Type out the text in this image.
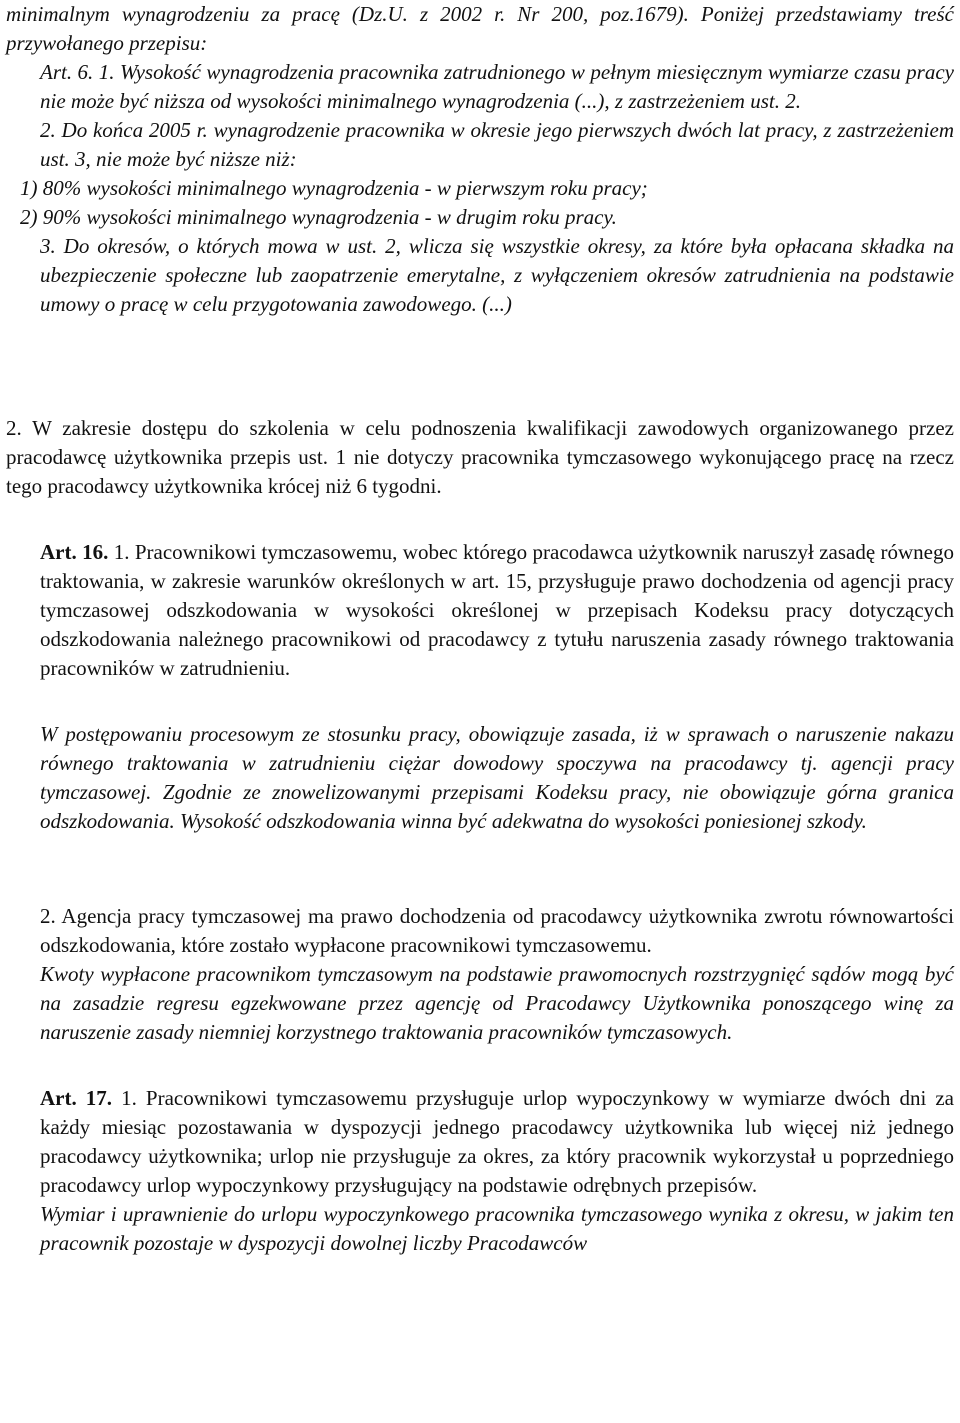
minimalnym wynagrodzeniu za pracę (Dz.U. z 2002 r. Nr 200, poz.1679). Poniżej przedstawiamy treść przywołanego przepisu:

Art. 6. 1. Wysokość wynagrodzenia pracownika zatrudnionego w pełnym miesięcznym wymiarze czasu pracy nie może być niższa od wysokości minimalnego wynagrodzenia (...), z zastrzeżeniem ust. 2.

2. Do końca 2005 r. wynagrodzenie pracownika w okresie jego pierwszych dwóch lat pracy, z zastrzeżeniem ust. 3, nie może być niższe niż:

1) 80% wysokości minimalnego wynagrodzenia - w pierwszym roku pracy;

2) 90% wysokości minimalnego wynagrodzenia - w drugim roku pracy.

3. Do okresów, o których mowa w ust. 2, wlicza się wszystkie okresy, za które była opłacana składka na ubezpieczenie społeczne lub zaopatrzenie emerytalne, z wyłączeniem okresów zatrudnienia na podstawie umowy o pracę w celu przygotowania zawodowego. (...)

2. W zakresie dostępu do szkolenia w celu podnoszenia kwalifikacji zawodowych organizowanego przez pracodawcę użytkownika przepis ust. 1 nie dotyczy pracownika tymczasowego wykonującego pracę na rzecz tego pracodawcy użytkownika krócej niż 6 tygodni.

Art. 16. 1. Pracownikowi tymczasowemu, wobec którego pracodawca użytkownik naruszył zasadę równego traktowania, w zakresie warunków określonych w art. 15, przysługuje prawo dochodzenia od agencji pracy tymczasowej odszkodowania w wysokości określonej w przepisach Kodeksu pracy dotyczących odszkodowania należnego pracownikowi od pracodawcy z tytułu naruszenia zasady równego traktowania pracowników w zatrudnieniu.

W postępowaniu procesowym ze stosunku pracy, obowiązuje zasada, iż w sprawach o naruszenie nakazu równego traktowania w zatrudnieniu ciężar dowodowy spoczywa na pracodawcy tj. agencji pracy tymczasowej. Zgodnie ze znowelizowanymi przepisami Kodeksu pracy, nie obowiązuje górna granica odszkodowania. Wysokość odszkodowania winna być adekwatna do wysokości poniesionej szkody.

2. Agencja pracy tymczasowej ma prawo dochodzenia od pracodawcy użytkownika zwrotu równowartości odszkodowania, które zostało wypłacone pracownikowi tymczasowemu.

Kwoty wypłacone pracownikom tymczasowym na podstawie prawomocnych rozstrzygnięć sądów mogą być na zasadzie regresu egzekwowane przez agencję od Pracodawcy Użytkownika ponoszącego winę za naruszenie zasady niemniej korzystnego traktowania pracowników tymczasowych.

Art. 17. 1. Pracownikowi tymczasowemu przysługuje urlop wypoczynkowy w wymiarze dwóch dni za każdy miesiąc pozostawania w dyspozycji jednego pracodawcy użytkownika lub więcej niż jednego pracodawcy użytkownika; urlop nie przysługuje za okres, za który pracownik wykorzystał u poprzedniego pracodawcy urlop wypoczynkowy przysługujący na podstawie odrębnych przepisów.

Wymiar i uprawnienie do urlopu wypoczynkowego pracownika tymczasowego wynika z okresu, w jakim ten pracownik pozostaje w dyspozycji dowolnej liczby Pracodawców
